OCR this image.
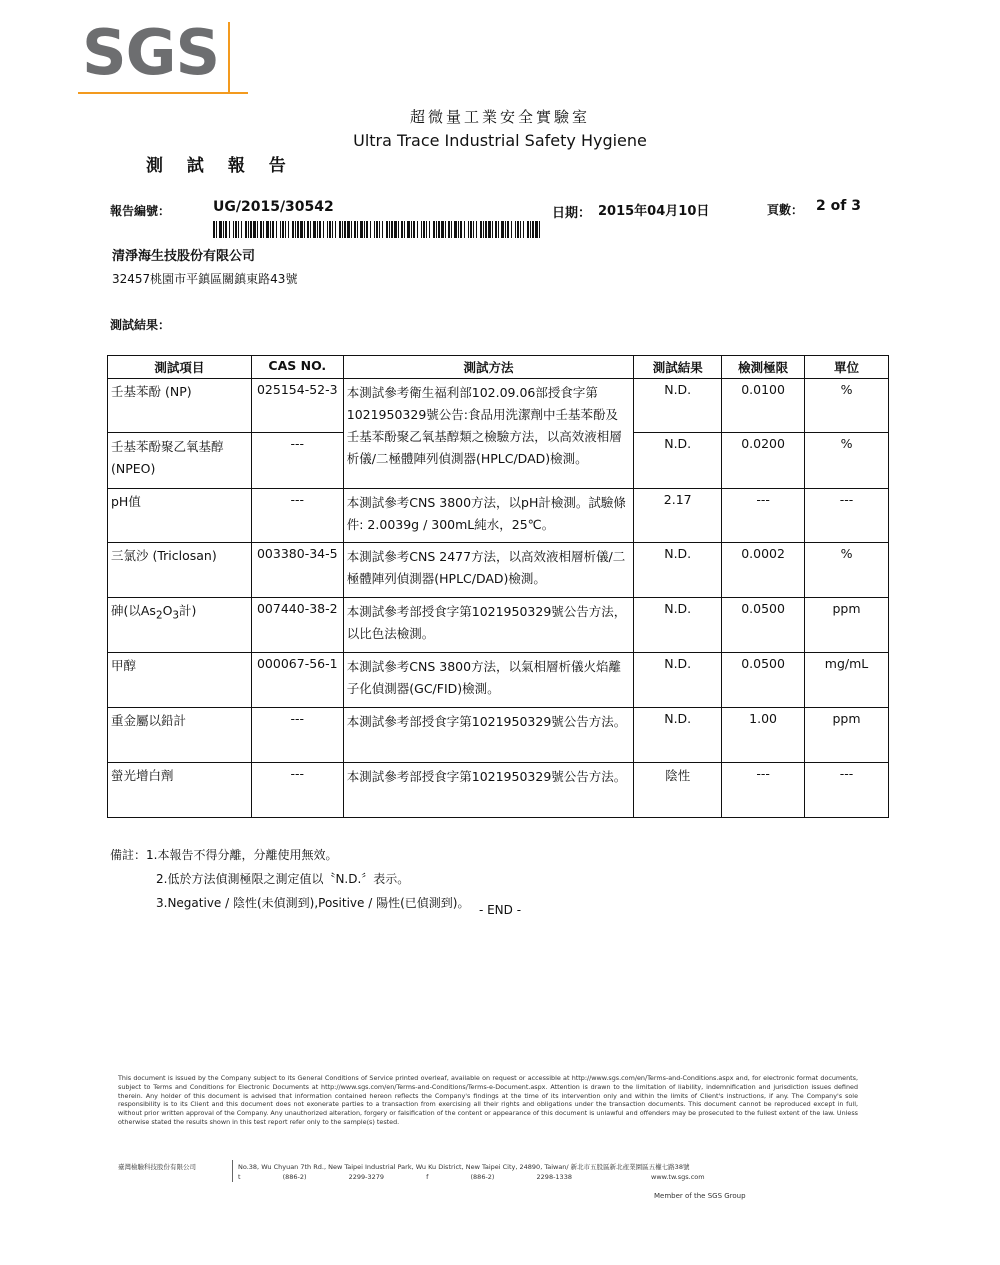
SGS
超微量工業安全實驗室
Ultra Trace Industrial Safety Hygiene
測 試 報 告
報告編號：	UG/2015/30542	日期： 2015年04月10日	頁數： 2 of 3
清淨海生技股份有限公司
32457桃園市平鎮區關鎮東路43號
測試結果：
測試項目	CAS NO.	測試方法	測試結果	檢測極限	單位
壬基苯酚 (NP)	025154-52-3	本測試參考衛生福利部102.09.06部授食字第1021950329號公告:食品用洗潔劑中壬基苯酚及壬基苯酚聚乙氧基醇類之檢驗方法，以高效液相層析儀/二極體陣列偵測器(HPLC/DAD)檢測。	N.D.	0.0100	%
壬基苯酚聚乙氧基醇 (NPEO)	---		N.D.	0.0200	%
pH值	---	本測試參考CNS 3800方法，以pH計檢測。試驗條件: 2.0039g / 300mL純水，25℃。	2.17	---	---
三氯沙 (Triclosan)	003380-34-5	本測試參考CNS 2477方法，以高效液相層析儀/二極體陣列偵測器(HPLC/DAD)檢測。	N.D.	0.0002	%
砷(以$As_2O_3$計)	007440-38-2	本測試參考部授食字第1021950329號公告方法，以比色法檢測。	N.D.	0.0500	ppm
甲醇	000067-56-1	本測試參考CNS 3800方法，以氣相層析儀火焰離子化偵測器(GC/FID)檢測。	N.D.	0.0500	mg/mL
重金屬以鉛計	---	本測試參考部授食字第1021950329號公告方法。	N.D.	1.00	ppm
螢光增白劑	---	本測試參考部授食字第1021950329號公告方法。	陰性	---	---
備註：1.本報告不得分離，分離使用無效。
2.低於方法偵測極限之測定值以〝N.D.〞表示。
3.Negative / 陰性(未偵測到),Positive / 陽性(已偵測到)。 - END -
This document is issued by the Company subject to its General Conditions of Service printed overleaf, available on request or accessible at http://www.sgs.com/en/Terms-and-Conditions.aspx and, for electronic format documents, subject to Terms and Conditions for Electronic Documents at http://www.sgs.com/en/Terms-and-Conditions/Terms-e-Document.aspx. Attention is drawn to the limitation of liability, indemnification and jurisdiction issues defined therein. Any holder of this document is advised that information contained hereon reflects the Company's findings at the time of its intervention only and within the limits of Client's instructions, if any. The Company's sole responsibility is to its Client and this document does not exonerate parties to a transaction from exercising all their rights and obligations under the transaction documents. This document cannot be reproduced except in full, without prior written approval of the Company. Any unauthorized alteration, forgery or falsification of the content or appearance of this document is unlawful and offenders may be prosecuted to the fullest extent of the law. Unless otherwise stated the results shown in this test report refer only to the sample(s) tested.
臺灣檢驗科技股份有限公司	No.38, Wu Chyuan 7th Rd., New Taipei Industrial Park, Wu Ku District, New Taipei City, 24890, Taiwan/ 新北市五股區新北產業園區五權七路38號
t (886-2) 2299-3279	f (886-2) 2298-1338	www.tw.sgs.com
Member of the SGS Group
